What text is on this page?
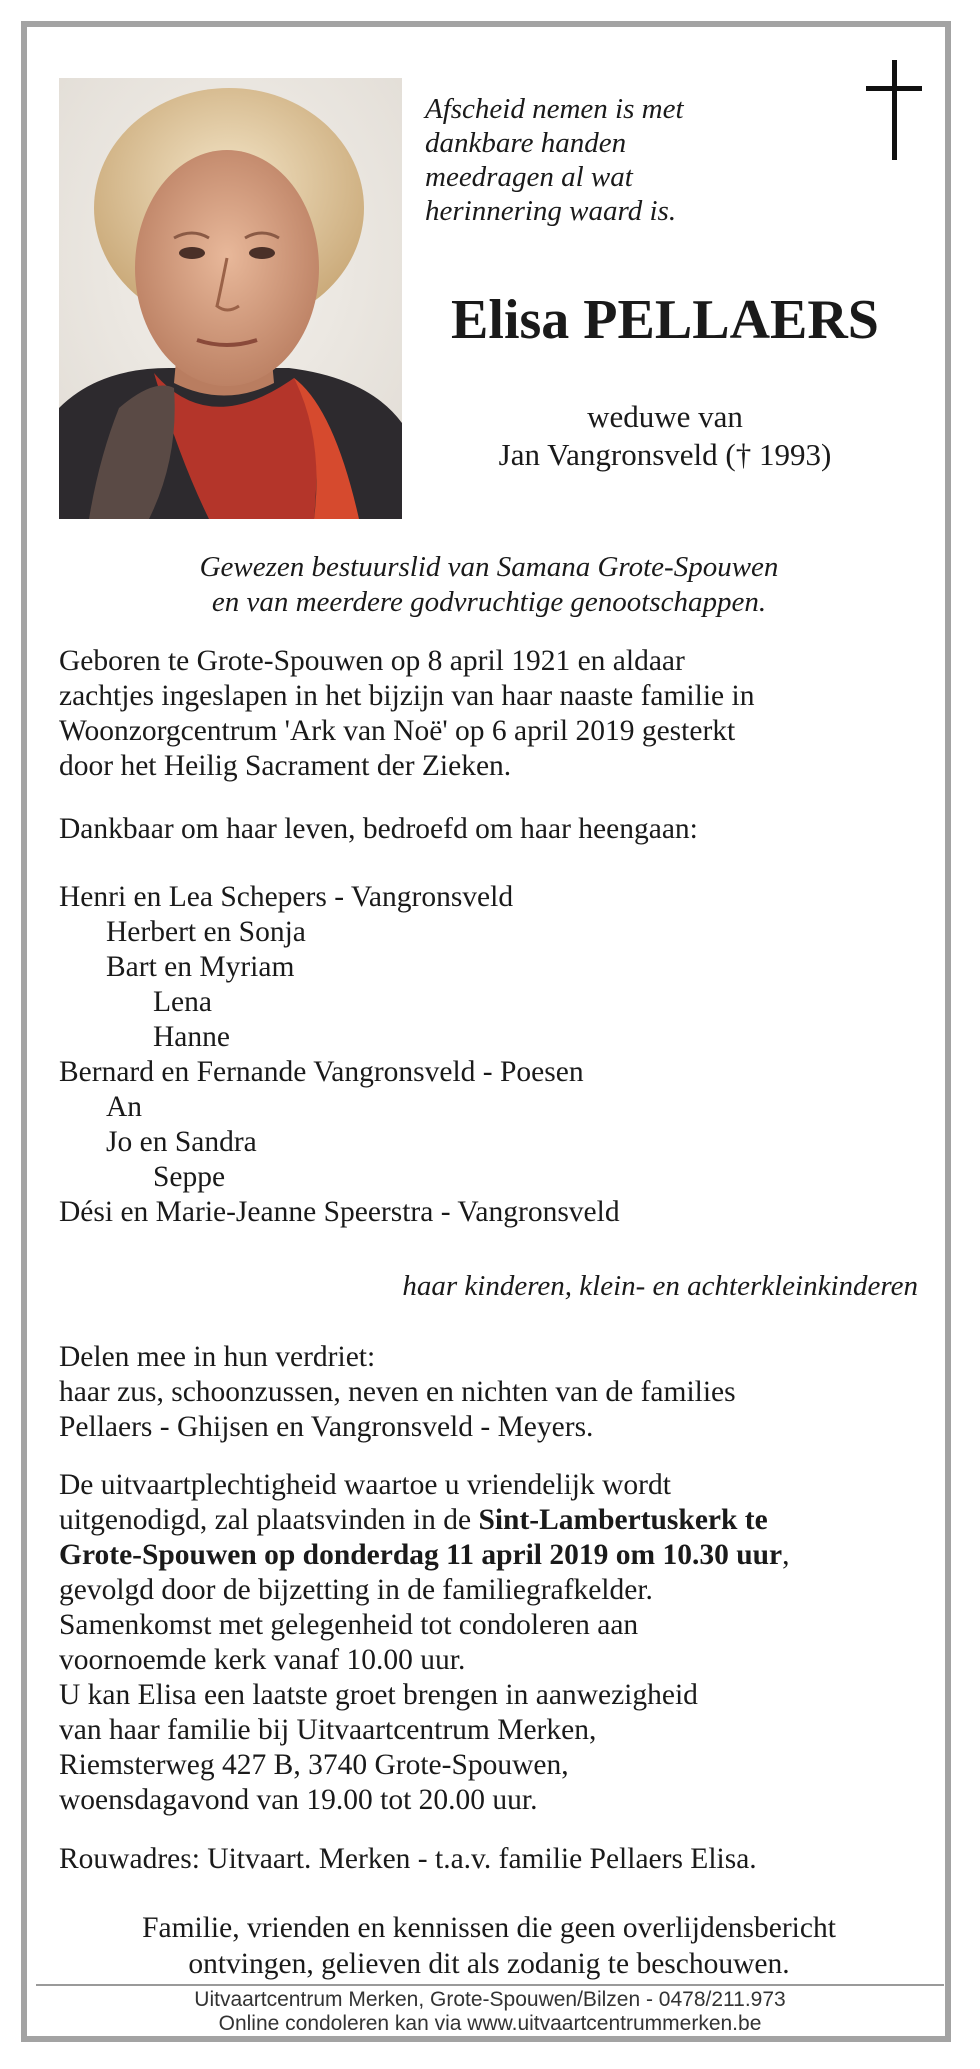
Afscheid nemen is met
dankbare handen
meedragen al wat
herinnering waard is.
Elisa PELLAERS
weduwe van
Jan Vangronsveld († 1993)
Gewezen bestuurslid van Samana Grote-Spouwen
en van meerdere godvruchtige genootschappen.
Geboren te Grote-Spouwen op 8 april 1921 en aldaar
zachtjes ingeslapen in het bijzijn van haar naaste familie in
Woonzorgcentrum 'Ark van Noë' op 6 april 2019 gesterkt
door het Heilig Sacrament der Zieken.
Dankbaar om haar leven, bedroefd om haar heengaan:
Henri en Lea Schepers - Vangronsveld
Herbert en Sonja
Bart en Myriam
Lena
Hanne
Bernard en Fernande Vangronsveld - Poesen
An
Jo en Sandra
Seppe
Dési en Marie-Jeanne Speerstra - Vangronsveld
haar kinderen, klein- en achterkleinkinderen
Delen mee in hun verdriet:
haar zus, schoonzussen, neven en nichten van de families
Pellaers - Ghijsen en Vangronsveld - Meyers.
De uitvaartplechtigheid waartoe u vriendelijk wordt
uitgenodigd, zal plaatsvinden in de Sint-Lambertuskerk te
Grote-Spouwen op donderdag 11 april 2019 om 10.30 uur,
gevolgd door de bijzetting in de familiegrafkelder.
Samenkomst met gelegenheid tot condoleren aan
voornoemde kerk vanaf 10.00 uur.
U kan Elisa een laatste groet brengen in aanwezigheid
van haar familie bij Uitvaartcentrum Merken,
Riemsterweg 427 B, 3740 Grote-Spouwen,
woensdagavond van 19.00 tot 20.00 uur.
Rouwadres: Uitvaart. Merken - t.a.v. familie Pellaers Elisa.
Familie, vrienden en kennissen die geen overlijdensbericht
ontvingen, gelieven dit als zodanig te beschouwen.
Uitvaartcentrum Merken, Grote-Spouwen/Bilzen - 0478/211.973
Online condoleren kan via www.uitvaartcentrummerken.be
